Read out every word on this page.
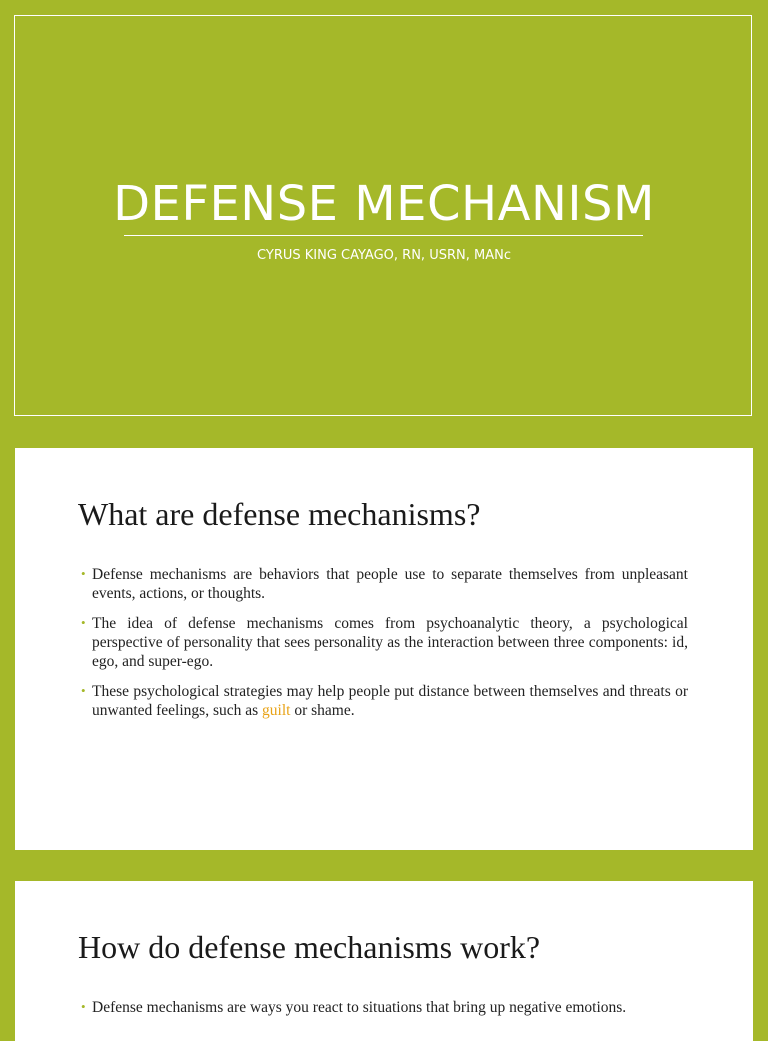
DEFENSE MECHANISM
CYRUS KING CAYAGO, RN, USRN, MANc
What are defense mechanisms?
• Defense mechanisms are behaviors that people use to separate themselves from unpleasant events, actions, or thoughts.
• The idea of defense mechanisms comes from psychoanalytic theory, a psychological perspective of personality that sees personality as the interaction between three components: id, ego, and super-ego.
• These psychological strategies may help people put distance between themselves and threats or unwanted feelings, such as guilt or shame.
How do defense mechanisms work?
• Defense mechanisms are ways you react to situations that bring up negative emotions.
